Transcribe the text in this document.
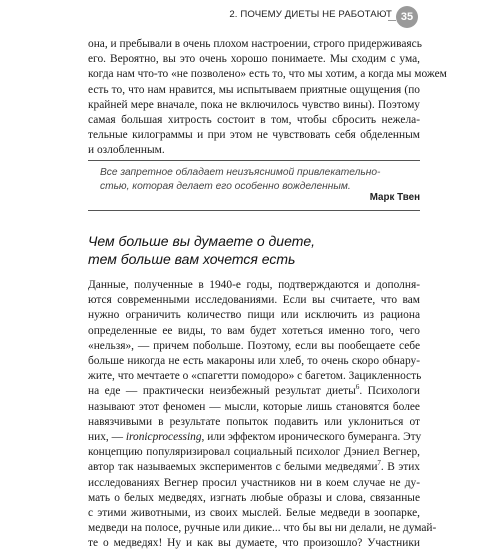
2. ПОЧЕМУ ДИЕТЫ НЕ РАБОТАЮТ 35

она, и пребывали в очень плохом настроении, строго придерживаясь
его. Вероятно, вы это очень хорошо понимаете. Мы сходим с ума,
когда нам что-то «не позволено» есть то, что мы хотим, а когда мы можем
есть то, что нам нравится, мы испытываем приятные ощущения (по
крайней мере вначале, пока не включилось чувство вины). Поэтому
самая большая хитрость состоит в том, чтобы сбросить нежела-
тельные килограммы и при этом не чувствовать себя обделенным
и озлобленным.

Все запретное обладает неизъяснимой привлекательно-
стью, которая делает его особенно вожделенным.

Марк Твен
Чем больше вы думаете о диете,
тем больше вам хочется есть

Данные, полученные в 1940-е годы, подтверждаются и дополня-
ются современными исследованиями. Если вы считаете, что вам
нужно ограничить количество пищи или исключить из рациона
определенные ее виды, то вам будет хотеться именно того, чего
«нельзя», — причем побольше. Поэтому, если вы пообещаете себе
больше никогда не есть макароны или хлеб, то очень скоро обнару-
жите, что мечтаете о «спагетти помодоро» с багетом. Зацикленность
на еде — практически неизбежный результат диеты$^6$. Психологи
называют этот феномен — мысли, которые лишь становятся более
навязчивыми в результате попыток подавить или уклониться от
них, — ironicprocessing, или эффектом иронического бумеранга. Эту
концепцию популяризировал социальный психолог Дэниел Вегнер,
автор так называемых экспериментов с белыми медведями$^7$. В этих
исследованиях Вегнер просил участников ни в коем случае не ду-
мать о белых медведях, изгнать любые образы и слова, связанные
с этими животными, из своих мыслей. Белые медведи в зоопарке,
медведи на полосе, ручные или дикие... что бы вы ни делали, не думай-
те о медведях! Ну и как вы думаете, что произошло? Участники
